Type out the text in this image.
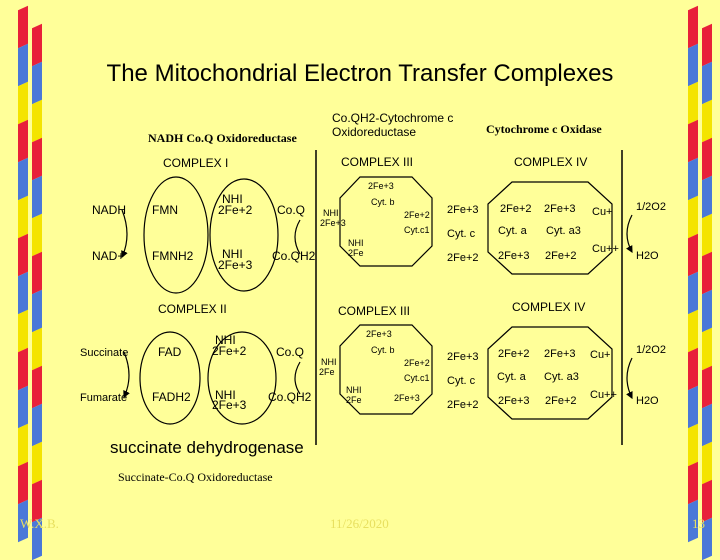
The Mitochondrial Electron Transfer Complexes
NADH Co.Q Oxidoreductase
Co.QH2-Cytochrome c
Oxidoreductase	Cytochrome c Oxidase
COMPLEX I
NADH
NAD+
FMN
FMNH2
NHI
2Fe+2
NHI
2Fe+3
Co.Q
Co.QH2
COMPLEX II
Succinate
Fumarate
FAD
FADH2
NHI
2Fe+2
NHI
2Fe+3
Co.Q
Co.QH2
COMPLEX III
COMPLEX III
COMPLEX IV
COMPLEX IV
2Fe+3
Cyt. b
NHI
2Fe+3
2Fe+2
Cyt.c1
NHI
2Fe
2Fe+3
Cyt. c
2Fe+2
2Fe+3
Cyt. b
NHI
2Fe
2Fe+2
Cyt.c1
NHI
2Fe	2Fe+3
2Fe+3
Cyt. c
2Fe+2
2Fe+2 2Fe+3 Cu+
Cyt. a Cyt. a3
2Fe+3 2Fe+2
Cu++
1/2O2
H2O
2Fe+2 2Fe+3 Cu+
Cyt. a Cyt. a3
2Fe+3 2Fe+2 Cu++
1/2O2
H2O
succinate dehydrogenase
Succinate-Co.Q Oxidoreductase
W.X.B.	11/26/2020	13
